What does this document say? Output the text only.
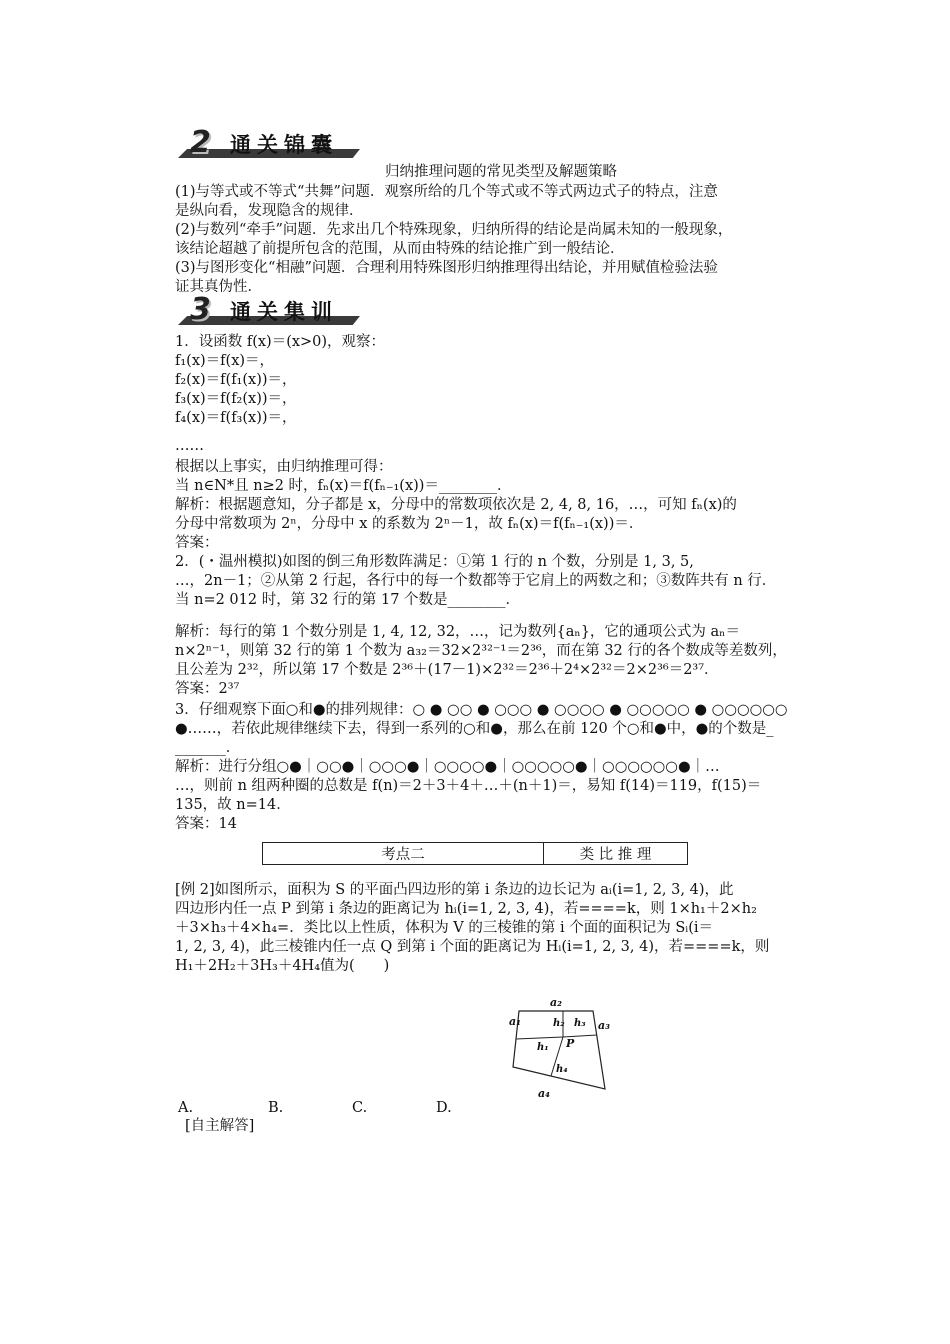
2 通关锦囊
归纳推理问题的常见类型及解题策略
(1)与等式或不等式“共舞”问题．观察所给的几个等式或不等式两边式子的特点，注意
是纵向看，发现隐含的规律．
(2)与数列“牵手”问题．先求出几个特殊现象，归纳所得的结论是尚属未知的一般现象，
该结论超越了前提所包含的范围，从而由特殊的结论推广到一般结论．
(3)与图形变化“相融”问题．合理利用特殊图形归纳推理得出结论，并用赋值检验法验
证其真伪性．
3 通关集训
1．设函数 f(x)＝(x>0)，观察：
f₁(x)＝f(x)＝，
f₂(x)＝f(f₁(x))＝，
f₃(x)＝f(f₂(x))＝，
f₄(x)＝f(f₃(x))＝，
……
根据以上事实，由归纳推理可得：
当 n∈N*且 n≥2 时，fₙ(x)＝f(fₙ₋₁(x))＝________．
解析：根据题意知，分子都是 x，分母中的常数项依次是 2, 4, 8, 16，…，可知 fₙ(x)的
分母中常数项为 2ⁿ，分母中 x 的系数为 2ⁿ－1，故 fₙ(x)＝f(fₙ₋₁(x))＝．
答案：
2．(・温州模拟)如图的倒三角形数阵满足：①第 1 行的 n 个数，分别是 1, 3, 5,
…，2n－1；②从第 2 行起，各行中的每一个数都等于它肩上的两数之和；③数阵共有 n 行．
当 n=2 012 时，第 32 行的第 17 个数是________．
解析：每行的第 1 个数分别是 1, 4, 12, 32，…，记为数列{aₙ}，它的通项公式为 aₙ＝
n×2ⁿ⁻¹，则第 32 行的第 1 个数为 a₃₂＝32×2³²⁻¹＝2³⁶，而在第 32 行的各个数成等差数列，
且公差为 2³²，所以第 17 个数是 2³⁶＋(17－1)×2³²＝2³⁶＋2⁴×2³²＝2×2³⁶＝2³⁷．
答案：2³⁷
3．仔细观察下面○和●的排列规律：○ ● ○○ ● ○○○ ● ○○○○ ● ○○○○○ ● ○○○○○○
●……，若依此规律继续下去，得到一系列的○和●，那么在前 120 个○和●中，●的个数是_
_______．
解析：进行分组○●｜○○●｜○○○●｜○○○○●｜○○○○○●｜○○○○○○●｜…
…，则前 n 组两种圈的总数是 f(n)＝2＋3＋4＋…＋(n＋1)＝，易知 f(14)＝119，f(15)＝
135，故 n=14．
答案：14
考点二	类 比 推 理
[例 2]如图所示，面积为 S 的平面凸四边形的第 i 条边的边长记为 aᵢ(i=1, 2, 3, 4)，此
四边形内任一点 P 到第 i 条边的距离记为 hᵢ(i=1, 2, 3, 4)，若====k，则 1×h₁＋2×h₂
＋3×h₃＋4×h₄=．类比以上性质，体积为 V 的三棱锥的第 i 个面的面积记为 Sᵢ(i＝
1, 2, 3, 4)，此三棱锥内任一点 Q 到第 i 个面的距离记为 Hᵢ(i=1, 2, 3, 4)，若====k，则
H₁＋2H₂＋3H₃＋4H₄值为(　　)
A.	B.	C.	D.
[自主解答]
a₂
a₁	a₃
h₂ h₃
P
h₁
h₄
a₄
